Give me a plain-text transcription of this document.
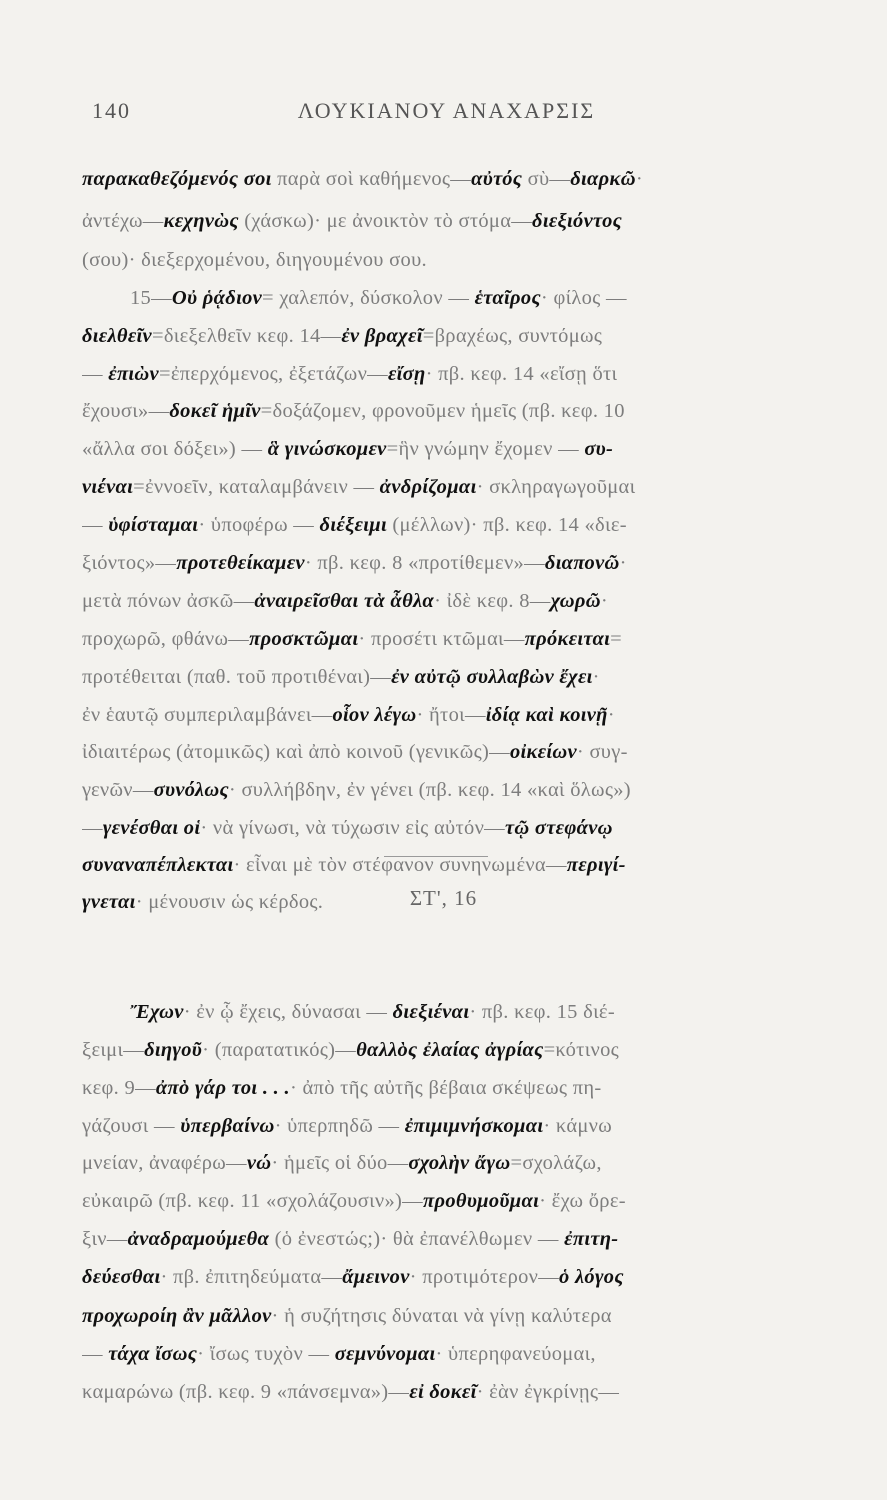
140	ΛΟΥΚΙΑΝΟΥ ΑΝΑΧΑΡΣΙΣ
παρακαθεζόμενός σοι παρὰ σοὶ καθήμενος—αὐτός σὺ—διαρκῶ·
ἀντέχω—κεχηνὼς (χάσκω)· με ἀνοικτὸν τὸ στόμα—διεξιόντος
(σου)· διεξερχομένου, διηγουμένου σου.
15—Οὐ ῥᾴδιον= χαλεπόν, δύσκολον — ἑταῖρος· φίλος —
διελθεῖν=διεξελθεῖν κεφ. 14—ἐν βραχεῖ=βραχέως, συντόμως
— ἐπιὼν=ἐπερχόμενος, ἐξετάζων—εἴσῃ· πβ. κεφ. 14 «εἴσῃ ὅτι
ἔχουσι»—δοκεῖ ἡμῖν=δοξάζομεν, φρονοῦμεν ἡμεῖς (πβ. κεφ. 10
«ἄλλα σοι δόξει») — ἃ γινώσκομεν=ἣν γνώμην ἔχομεν — συ-
νιέναι=ἐννοεῖν, καταλαμβάνειν — ἀνδρίζομαι· σκληραγωγοῦμαι
— ὑφίσταμαι· ὑποφέρω — διέξειμι (μέλλων)· πβ. κεφ. 14 «διε-
ξιόντος»—προτεθείκαμεν· πβ. κεφ. 8 «προτίθεμεν»—διαπονῶ·
μετὰ πόνων ἀσκῶ—ἀναιρεῖσθαι τὰ ἆθλα· ἰδὲ κεφ. 8—χωρῶ·
προχωρῶ, φθάνω—προσκτῶμαι· προσέτι κτῶμαι—πρόκειται=
προτέθειται (παθ. τοῦ προτιθέναι)—ἐν αὐτῷ συλλαβὼν ἔχει·
ἐν ἑαυτῷ συμπεριλαμβάνει—οἷον λέγω· ἤτοι—ἰδίᾳ καὶ κοινῇ·
ἰδιαιτέρως (ἀτομικῶς) καὶ ἀπὸ κοινοῦ (γενικῶς)—οἰκείων· συγ-
γενῶν—συνόλως· συλλήβδην, ἐν γένει (πβ. κεφ. 14 «καὶ ὅλως»)
—γενέσθαι οἱ· νὰ γίνωσι, νὰ τύχωσιν εἰς αὐτόν—τῷ στεφάνῳ
συναναπέπλεκται· εἶναι μὲ τὸν στέφανον συνηνωμένα—περιγί-
γνεται· μένουσιν ὡς κέρδος.
Ἔχων· ἐν ᾧ ἔχεις, δύνασαι — διεξιέναι· πβ. κεφ. 15 διέ-
ξειμι—διηγοῦ· (παρατατικός)—θαλλὸς ἐλαίας ἀγρίας=κότινος
κεφ. 9—ἀπὸ γάρ τοι . . .· ἀπὸ τῆς αὐτῆς βέβαια σκέψεως πη-
γάζουσι — ὑπερβαίνω· ὑπερπηδῶ — ἐπιμιμνήσκομαι· κάμνω
μνείαν, ἀναφέρω—νώ· ἡμεῖς οἱ δύο—σχολὴν ἄγω=σχολάζω,
εὐκαιρῶ (πβ. κεφ. 11 «σχολάζουσιν»)—προθυμοῦμαι· ἔχω ὄρε-
ξιν—ἀναδραμούμεθα (ὁ ἐνεστώς;)· θὰ ἐπανέλθωμεν — ἐπιτη-
δεύεσθαι· πβ. ἐπιτηδεύματα—ἄμεινον· προτιμότερον—ὁ λόγος
προχωροίη ἂν μᾶλλον· ἡ συζήτησις δύναται νὰ γίνῃ καλύτερα
— τάχα ἴσως· ἴσως τυχὸν — σεμνύνομαι· ὑπερηφανεύομαι,
καμαρώνω (πβ. κεφ. 9 «πάνσεμνα»)—εἰ δοκεῖ· ἐὰν ἐγκρίνῃς—
ΣΤ', 16
